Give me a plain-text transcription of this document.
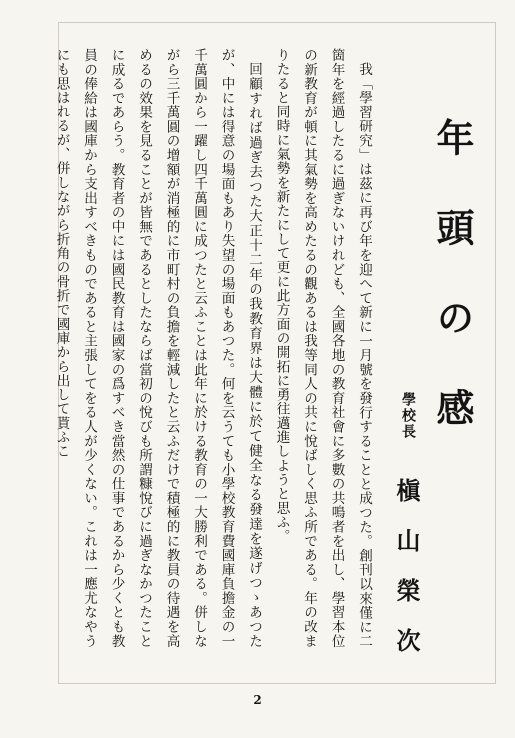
年頭の感
學校長
槇山榮次

我「學習研究」は茲に再び年を迎へて新に一月號を發行することと成つた。創刊以來僅に二箇年を經過したるに過ぎないけれども、全國各地の教育社會に多數の共鳴者を出し、學習本位の新教育が頓に其氣勢を高めたるの觀あるは我等同人の共に悅ばしく思ふ所である。年の改まりたると同時に氣勢を新たにして更に此方面の開拓に勇往邁進しようと思ふ。

回顧すれば過ぎ去つた大正十二年の我教育界は大體に於て健全なる發達を遂げつゝあつたが、中には得意の場面もあり失望の場面もあつた。何を云うても小學校教育費國庫負擔金の一千萬圓から一躍し四千萬圓に成つたと云ふことは此年に於ける教育の一大勝利である。併しながら三千萬圓の增額が消極的に市町村の負擔を輕減したと云ふだけで積極的に教員の待遇を高めるの效果を見ることが皆無であるとしたならば當初の悅びも所謂糠悅びに過ぎなかつたことに成るであらう。教育者の中には國民教育は國家の爲すべき當然の仕事であるから少くとも教員の俸給は國庫から支出すべきものであると主張してをる人が少くない。これは一應尤なやうにも思はれるが、併しながら折角の骨折で國庫から出して貰ふこ

2
